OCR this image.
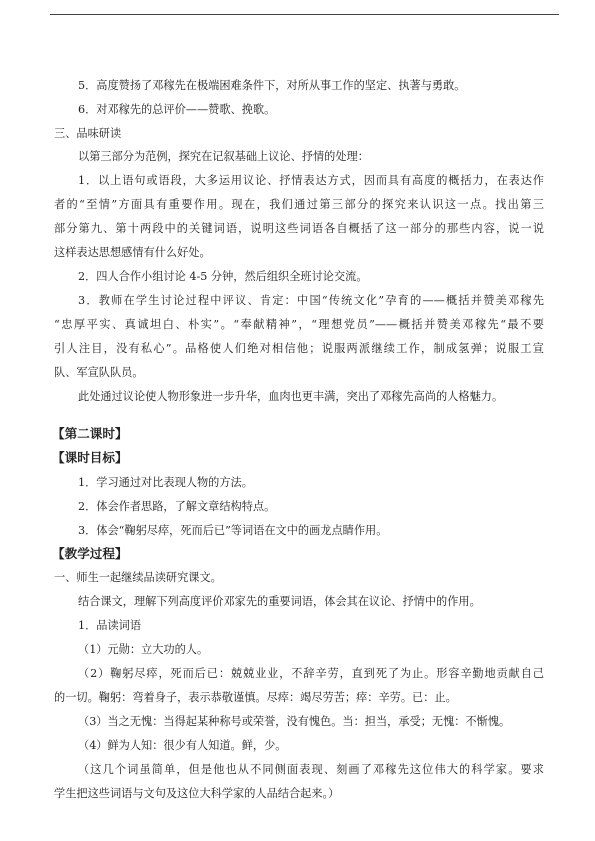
5．高度赞扬了邓稼先在极端困难条件下，对所从事工作的坚定、执著与勇敢。
6．对邓稼先的总评价——赞歌、挽歌。
三、品味研读
以第三部分为范例，探究在记叙基础上议论、抒情的处理：
1．以上语句或语段，大多运用议论、抒情表达方式，因而具有高度的概括力，在表达作
者的“至情”方面具有重要作用。现在，我们通过第三部分的探究来认识这一点。找出第三
部分第九、第十两段中的关键词语，说明这些词语各自概括了这一部分的那些内容，说一说
这样表达思想感情有什么好处。
2．四人合作小组讨论 4-5 分钟，然后组织全班讨论交流。
3．教师在学生讨论过程中评议、肯定：中国“传统文化”孕育的——概括并赞美邓稼先
“忠厚平实、真诚坦白、朴实”。“奉献精神”，“理想党员”——概括并赞美邓稼先“最不要
引人注目，没有私心”。品格使人们绝对相信他；说服两派继续工作，制成氢弹；说服工宣
队、军宣队队员。
此处通过议论使人物形象进一步升华，血肉也更丰满，突出了邓稼先高尚的人格魅力。
【第二课时】
【课时目标】
1．学习通过对比表现人物的方法。
2．体会作者思路，了解文章结构特点。
3．体会“鞠躬尽瘁，死而后已”等词语在文中的画龙点睛作用。
【教学过程】
一、师生一起继续品读研究课文。
结合课文，理解下列高度评价邓家先的重要词语，体会其在议论、抒情中的作用。
1．品读词语
（1）元勋：立大功的人。
（2）鞠躬尽瘁，死而后已：兢兢业业，不辞辛劳，直到死了为止。形容辛勤地贡献自己
的一切。鞠躬：弯着身子，表示恭敬谨慎。尽瘁：竭尽劳苦；瘁：辛劳。已：止。
（3）当之无愧：当得起某种称号或荣誉，没有愧色。当：担当，承受；无愧：不惭愧。
（4）鲜为人知：很少有人知道。鲜，少。
（这几个词虽简单，但是他也从不同侧面表现、刻画了邓稼先这位伟大的科学家。要求
学生把这些词语与文句及这位大科学家的人品结合起来。）
